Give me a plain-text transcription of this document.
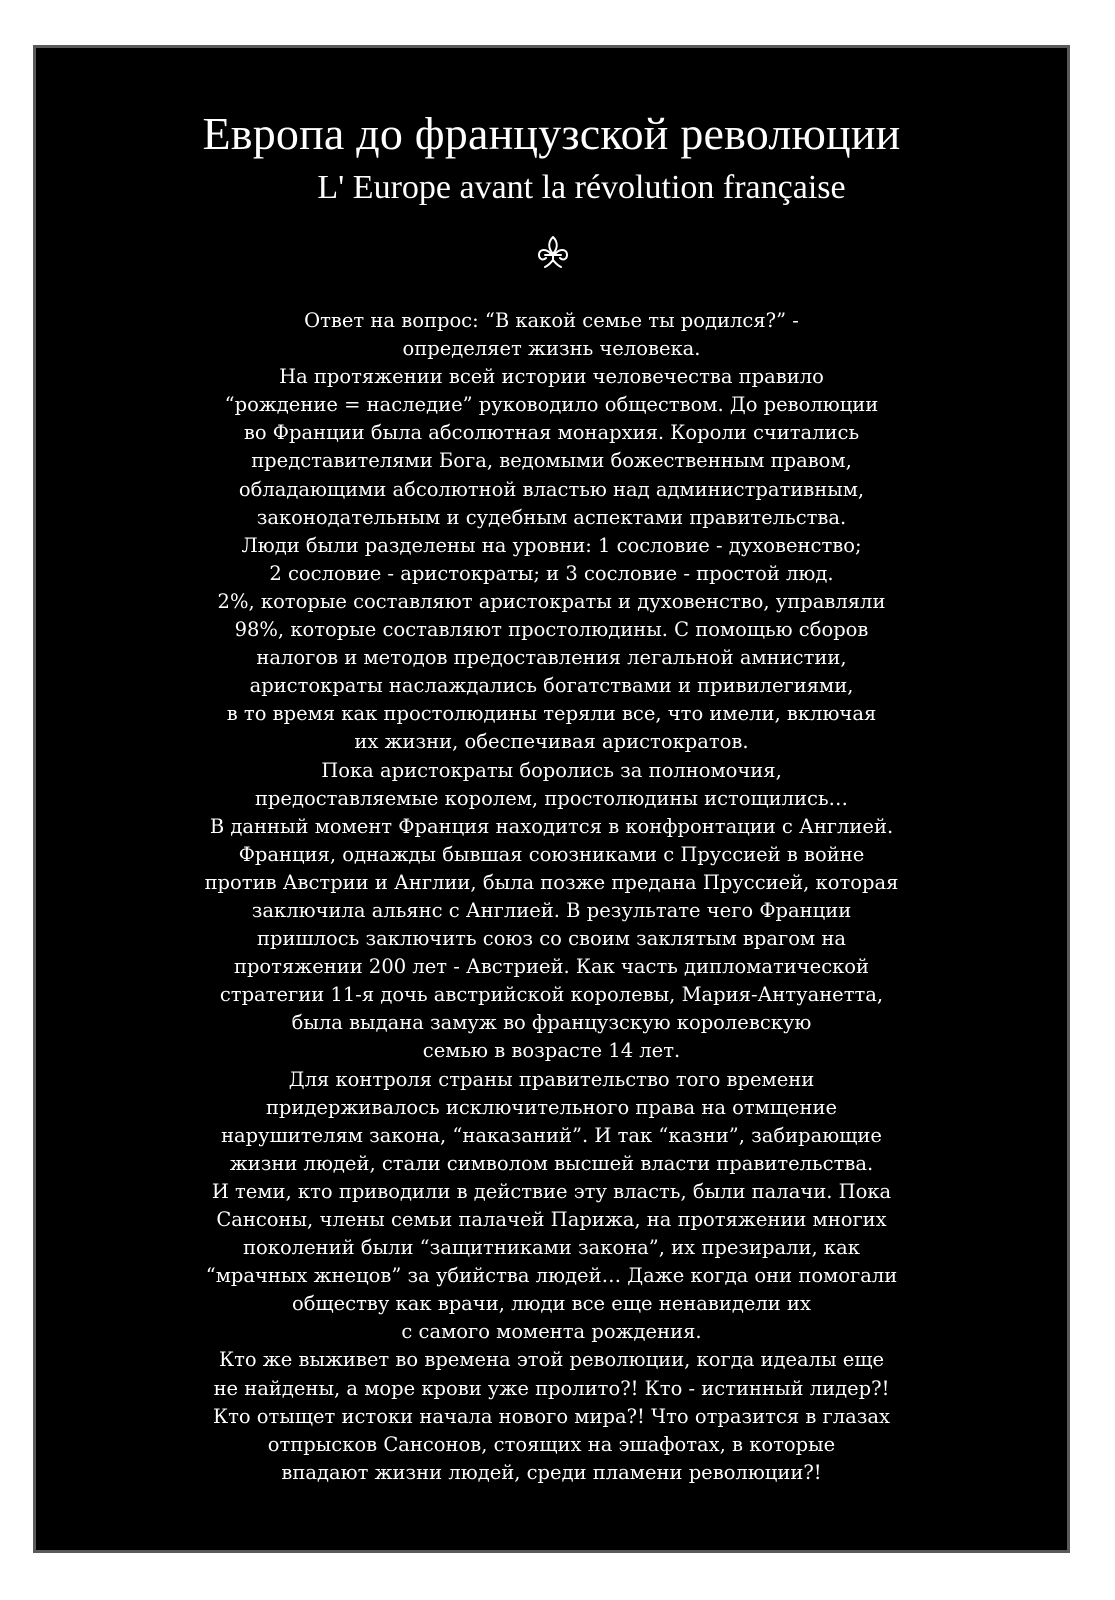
Европа до французской революции
L' Europe avant la révolution française
Ответ на вопрос: “В какой семье ты родился?” -
определяет жизнь человека.
На протяжении всей истории человечества правило
“рождение = наследие” руководило обществом. До революции
во Франции была абсолютная монархия. Короли считались
представителями Бога, ведомыми божественным правом,
обладающими абсолютной властью над административным,
законодательным и судебным аспектами правительства.
Люди были разделены на уровни: 1 сословие - духовенство;
2 сословие - аристократы; и 3 сословие - простой люд.
2%, которые составляют аристократы и духовенство, управляли
98%, которые составляют простолюдины. С помощью сборов
налогов и методов предоставления легальной амнистии,
аристократы наслаждались богатствами и привилегиями,
в то время как простолюдины теряли все, что имели, включая
их жизни, обеспечивая аристократов.
Пока аристократы боролись за полномочия,
предоставляемые королем, простолюдины истощились…
В данный момент Франция находится в конфронтации с Англией.
Франция, однажды бывшая союзниками с Пруссией в войне
против Австрии и Англии, была позже предана Пруссией, которая
заключила альянс с Англией. В результате чего Франции
пришлось заключить союз со своим заклятым врагом на
протяжении 200 лет - Австрией. Как часть дипломатической
стратегии 11-я дочь австрийской королевы, Мария-Антуанетта,
была выдана замуж во французскую королевскую
семью в возрасте 14 лет.
Для контроля страны правительство того времени
придерживалось исключительного права на отмщение
нарушителям закона, “наказаний”. И так “казни”, забирающие
жизни людей, стали символом высшей власти правительства.
И теми, кто приводили в действие эту власть, были палачи. Пока
Сансоны, члены семьи палачей Парижа, на протяжении многих
поколений были “защитниками закона”, их презирали, как
“мрачных жнецов” за убийства людей… Даже когда они помогали
обществу как врачи, люди все еще ненавидели их
с самого момента рождения.
Кто же выживет во времена этой революции, когда идеалы еще
не найдены, а море крови уже пролито?! Кто - истинный лидер?!
Кто отыщет истоки начала нового мира?! Что отразится в глазах
отпрысков Сансонов, стоящих на эшафотах, в которые
впадают жизни людей, среди пламени революции?!
